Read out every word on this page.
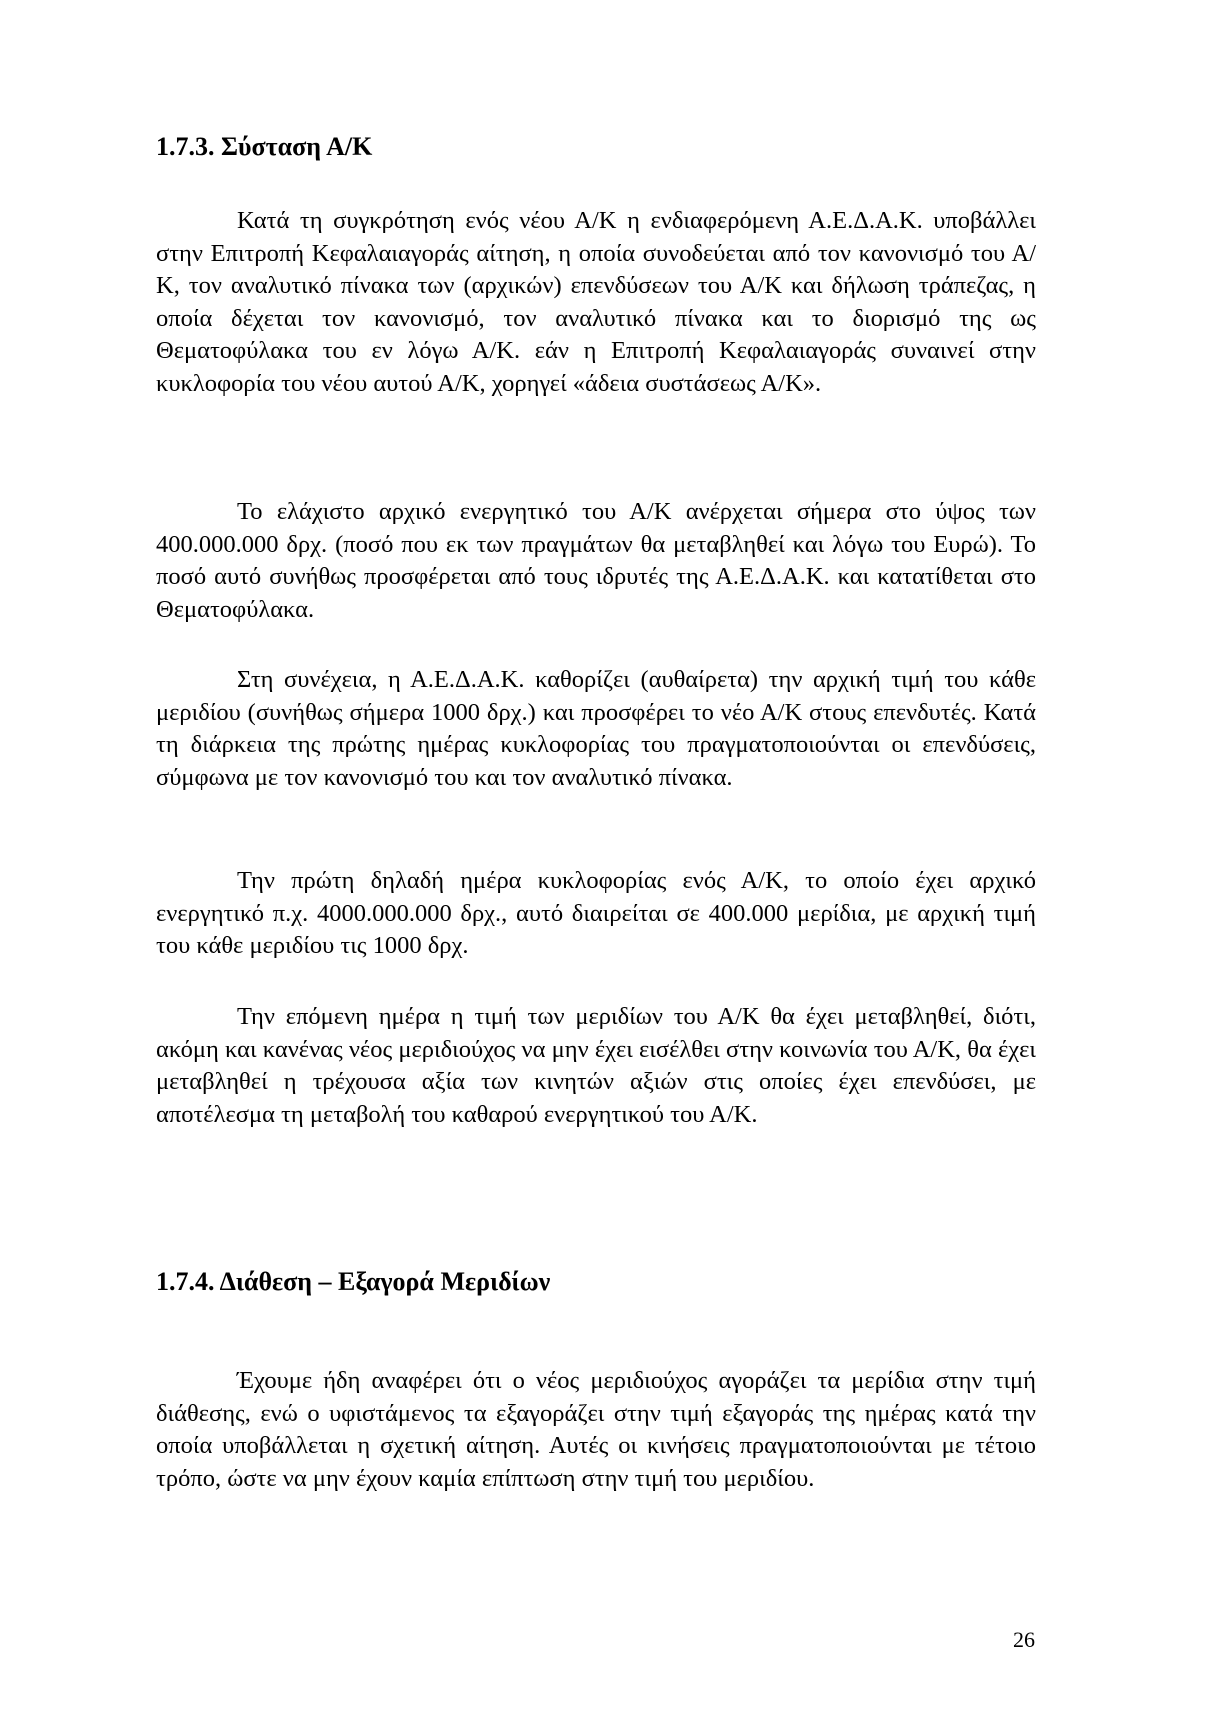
1.7.3. Σύσταση Α/Κ

Κατά τη συγκρότηση ενός νέου Α/Κ η ενδιαφερόμενη Α.Ε.Δ.Α.Κ. υποβάλλει στην Επιτροπή Κεφαλαιαγοράς αίτηση, η οποία συνοδεύεται από τον κανονισμό του Α/Κ, τον αναλυτικό πίνακα των (αρχικών) επενδύσεων του Α/Κ και δήλωση τράπεζας, η οποία δέχεται τον κανονισμό, τον αναλυτικό πίνακα και το διορισμό της ως Θεματοφύλακα του εν λόγω Α/Κ. εάν η Επιτροπή Κεφαλαιαγοράς συναινεί στην κυκλοφορία του νέου αυτού Α/Κ, χορηγεί «άδεια συστάσεως Α/Κ».

Το ελάχιστο αρχικό ενεργητικό του Α/Κ ανέρχεται σήμερα στο ύψος των 400.000.000 δρχ. (ποσό που εκ των πραγμάτων θα μεταβληθεί και λόγω του Ευρώ). Το ποσό αυτό συνήθως προσφέρεται από τους ιδρυτές της Α.Ε.Δ.Α.Κ. και κατατίθεται στο Θεματοφύλακα.

Στη συνέχεια, η Α.Ε.Δ.Α.Κ. καθορίζει (αυθαίρετα) την αρχική τιμή του κάθε μεριδίου (συνήθως σήμερα 1000 δρχ.) και προσφέρει το νέο Α/Κ στους επενδυτές. Κατά τη διάρκεια της πρώτης ημέρας κυκλοφορίας του πραγματοποιούνται οι επενδύσεις, σύμφωνα με τον κανονισμό του και τον αναλυτικό πίνακα.

Την πρώτη δηλαδή ημέρα κυκλοφορίας ενός Α/Κ, το οποίο έχει αρχικό ενεργητικό π.χ. 4000.000.000 δρχ., αυτό διαιρείται σε 400.000 μερίδια, με αρχική τιμή του κάθε μεριδίου τις 1000 δρχ.

Την επόμενη ημέρα η τιμή των μεριδίων του Α/Κ θα έχει μεταβληθεί, διότι, ακόμη και κανένας νέος μεριδιούχος να μην έχει εισέλθει στην κοινωνία του Α/Κ, θα έχει μεταβληθεί η τρέχουσα αξία των κινητών αξιών στις οποίες έχει επενδύσει, με αποτέλεσμα τη μεταβολή του καθαρού ενεργητικού του Α/Κ.

1.7.4. Διάθεση – Εξαγορά Μεριδίων

Έχουμε ήδη αναφέρει ότι ο νέος μεριδιούχος αγοράζει τα μερίδια στην τιμή διάθεσης, ενώ ο υφιστάμενος τα εξαγοράζει στην τιμή εξαγοράς της ημέρας κατά την οποία υποβάλλεται η σχετική αίτηση. Αυτές οι κινήσεις πραγματοποιούνται με τέτοιο τρόπο, ώστε να μην έχουν καμία επίπτωση στην τιμή του μεριδίου.

26
